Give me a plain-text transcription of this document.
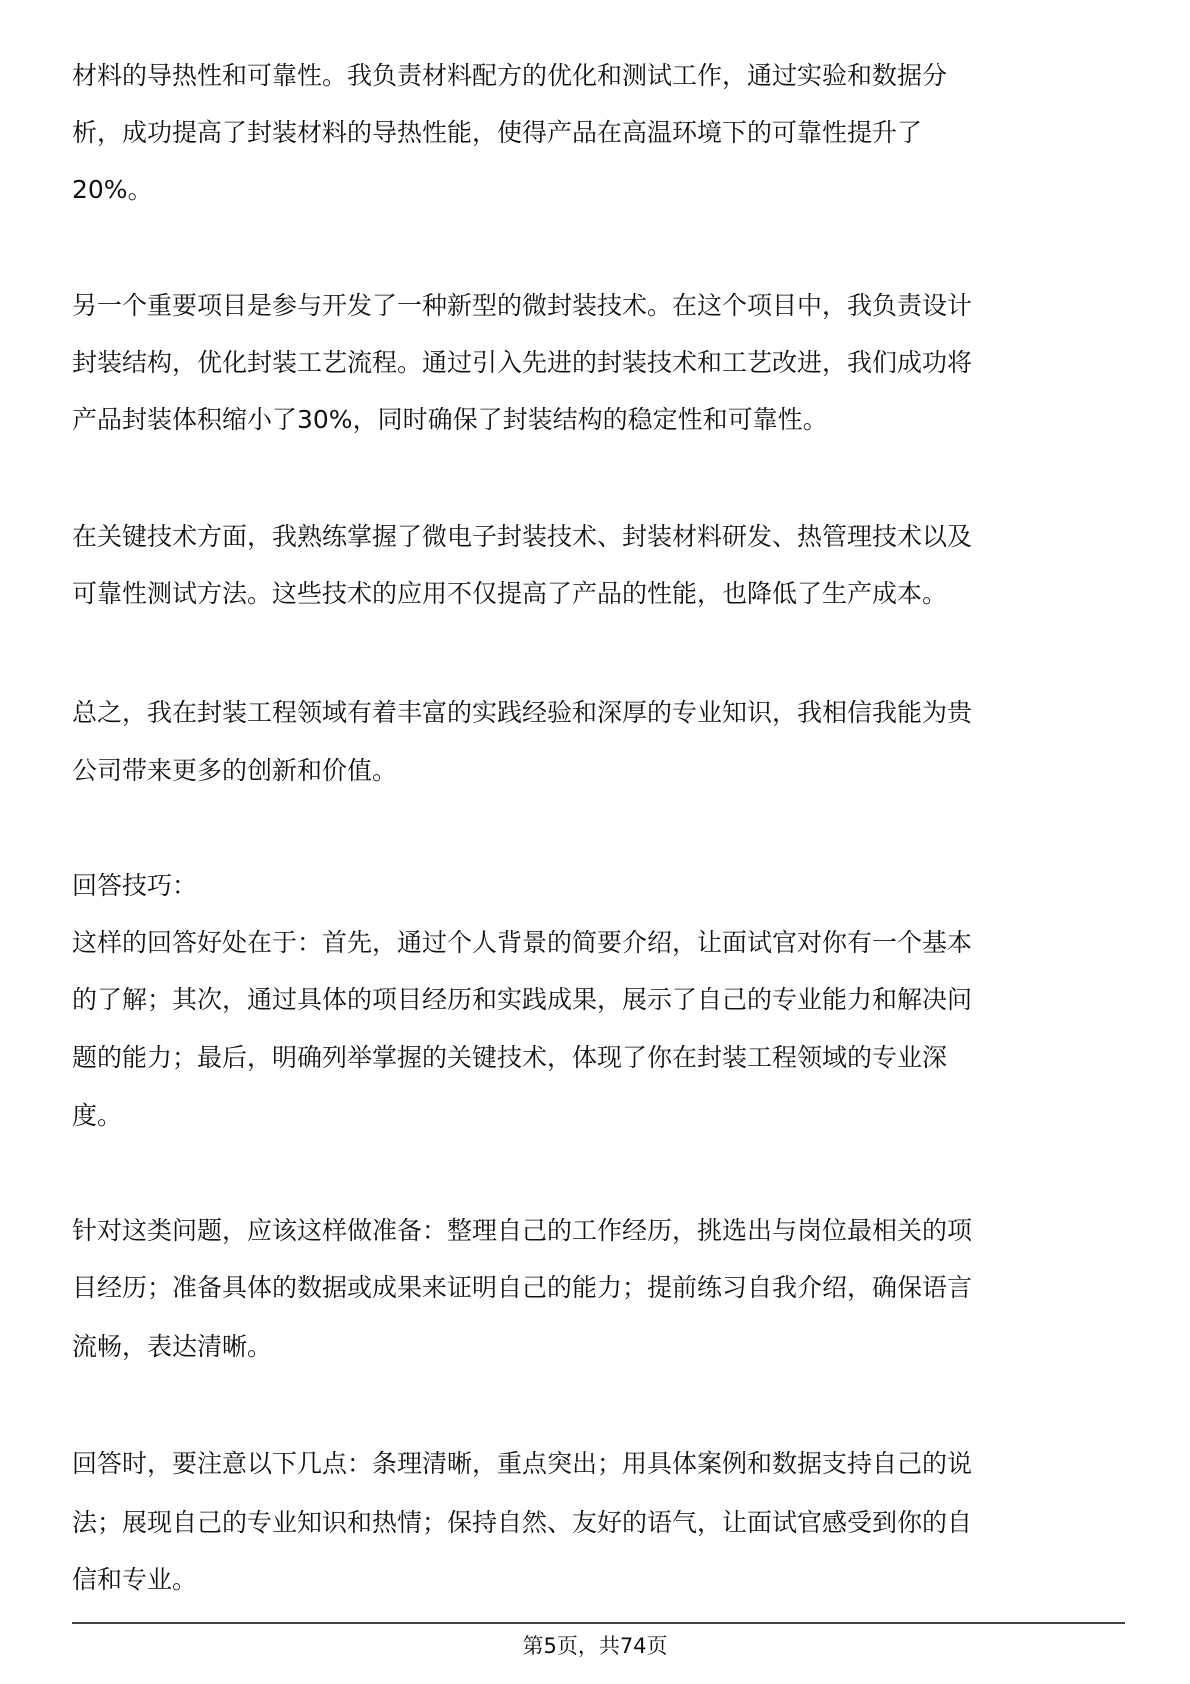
材料的导热性和可靠性。我负责材料配方的优化和测试工作，通过实验和数据分
析，成功提高了封装材料的导热性能，使得产品在高温环境下的可靠性提升了
20%。
另一个重要项目是参与开发了一种新型的微封装技术。在这个项目中，我负责设计
封装结构，优化封装工艺流程。通过引入先进的封装技术和工艺改进，我们成功将
产品封装体积缩小了30%，同时确保了封装结构的稳定性和可靠性。
在关键技术方面，我熟练掌握了微电子封装技术、封装材料研发、热管理技术以及
可靠性测试方法。这些技术的应用不仅提高了产品的性能，也降低了生产成本。
总之，我在封装工程领域有着丰富的实践经验和深厚的专业知识，我相信我能为贵
公司带来更多的创新和价值。
回答技巧：
这样的回答好处在于：首先，通过个人背景的简要介绍，让面试官对你有一个基本
的了解；其次，通过具体的项目经历和实践成果，展示了自己的专业能力和解决问
题的能力；最后，明确列举掌握的关键技术，体现了你在封装工程领域的专业深
度。
针对这类问题，应该这样做准备：整理自己的工作经历，挑选出与岗位最相关的项
目经历；准备具体的数据或成果来证明自己的能力；提前练习自我介绍，确保语言
流畅，表达清晰。
回答时，要注意以下几点：条理清晰，重点突出；用具体案例和数据支持自己的说
法；展现自己的专业知识和热情；保持自然、友好的语气，让面试官感受到你的自
信和专业。
第5页，共74页
